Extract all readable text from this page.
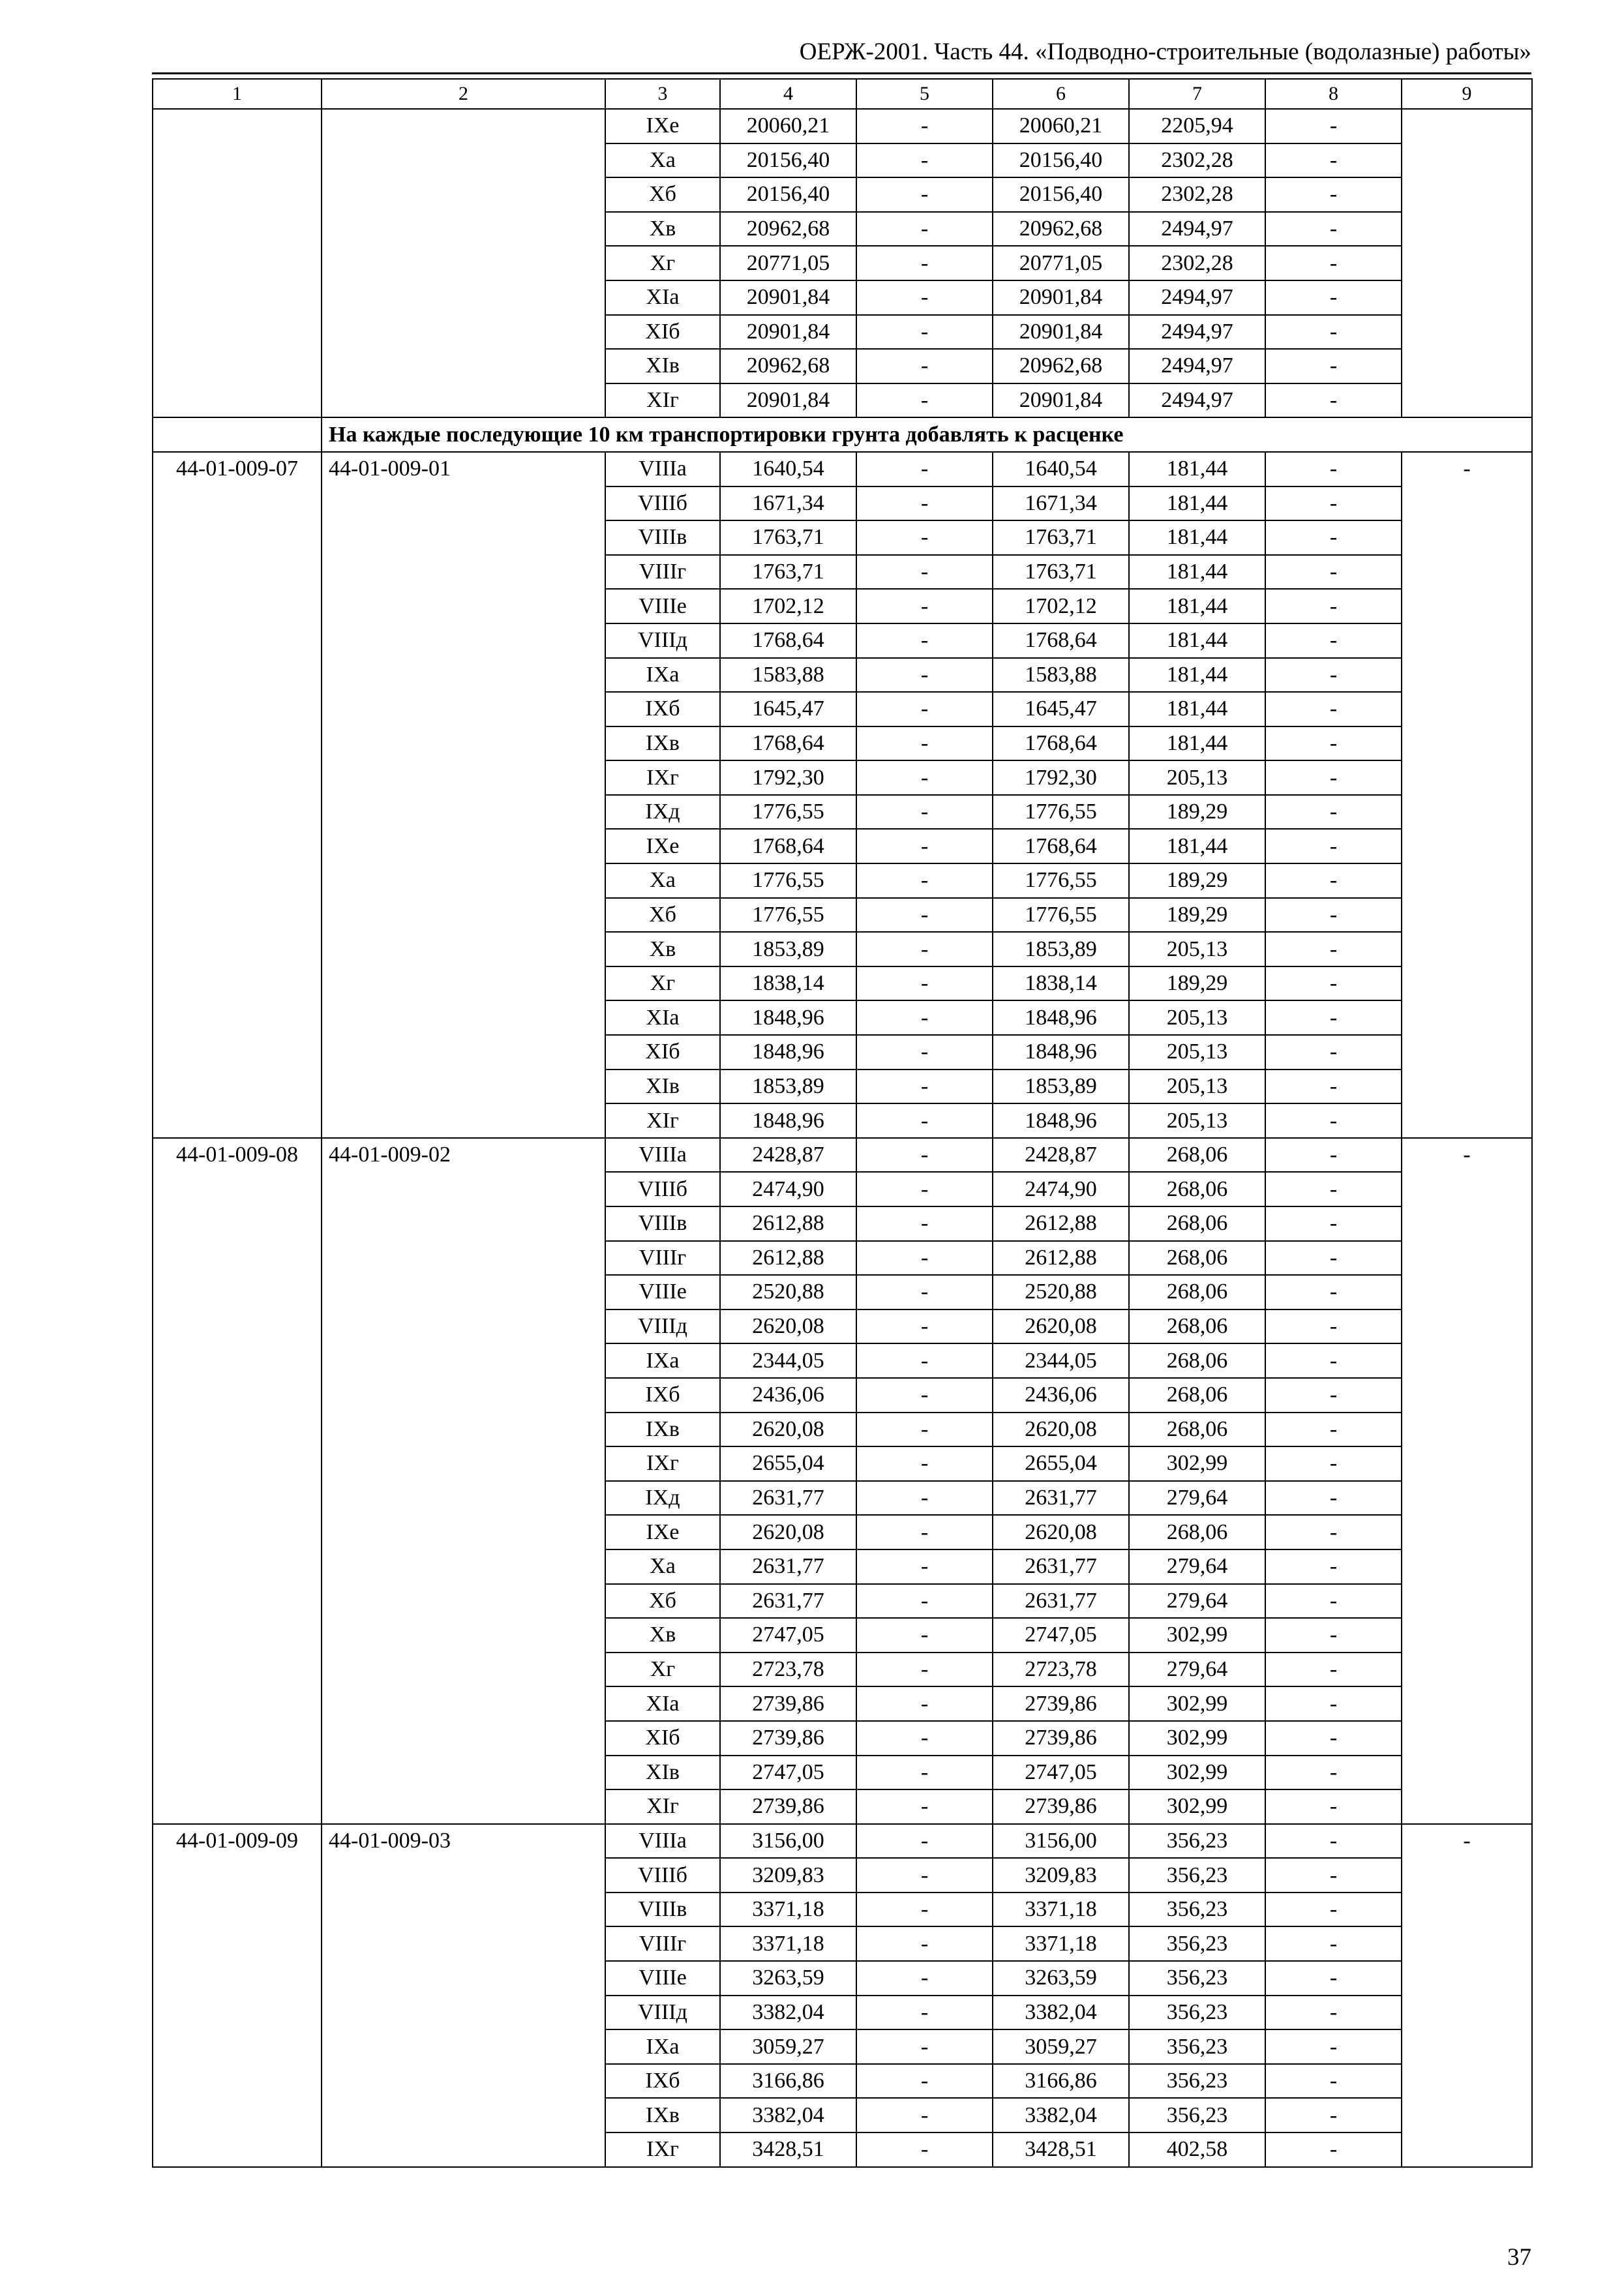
ОЕРЖ-2001. Часть 44. «Подводно-строительные (водолазные) работы»
1	2	3	4	5	6	7	8	9
		IXe	20060,21	-	20060,21	2205,94	-	
		Xa	20156,40	-	20156,40	2302,28	-	
		Xб	20156,40	-	20156,40	2302,28	-	
		Xв	20962,68	-	20962,68	2494,97	-	
		Xг	20771,05	-	20771,05	2302,28	-	
		XIa	20901,84	-	20901,84	2494,97	-	
		XIб	20901,84	-	20901,84	2494,97	-	
		XIв	20962,68	-	20962,68	2494,97	-	
		XIг	20901,84	-	20901,84	2494,97	-	
	На каждые последующие 10 км транспортировки грунта добавлять к расценке							
44-01-009-07	44-01-009-01	VIIIa	1640,54	-	1640,54	181,44	-	-
		VIIIб	1671,34	-	1671,34	181,44	-	
		VIIIв	1763,71	-	1763,71	181,44	-	
		VIIIг	1763,71	-	1763,71	181,44	-	
		VIIIe	1702,12	-	1702,12	181,44	-	
		VIIIд	1768,64	-	1768,64	181,44	-	
		IXa	1583,88	-	1583,88	181,44	-	
		IXб	1645,47	-	1645,47	181,44	-	
		IXв	1768,64	-	1768,64	181,44	-	
		IXг	1792,30	-	1792,30	205,13	-	
		IXд	1776,55	-	1776,55	189,29	-	
		IXe	1768,64	-	1768,64	181,44	-	
		Xa	1776,55	-	1776,55	189,29	-	
		Xб	1776,55	-	1776,55	189,29	-	
		Xв	1853,89	-	1853,89	205,13	-	
		Xг	1838,14	-	1838,14	189,29	-	
		XIa	1848,96	-	1848,96	205,13	-	
		XIб	1848,96	-	1848,96	205,13	-	
		XIв	1853,89	-	1853,89	205,13	-	
		XIг	1848,96	-	1848,96	205,13	-	
44-01-009-08	44-01-009-02	VIIIa	2428,87	-	2428,87	268,06	-	-
		VIIIб	2474,90	-	2474,90	268,06	-	
		VIIIв	2612,88	-	2612,88	268,06	-	
		VIIIг	2612,88	-	2612,88	268,06	-	
		VIIIe	2520,88	-	2520,88	268,06	-	
		VIIIд	2620,08	-	2620,08	268,06	-	
		IXa	2344,05	-	2344,05	268,06	-	
		IXб	2436,06	-	2436,06	268,06	-	
		IXв	2620,08	-	2620,08	268,06	-	
		IXг	2655,04	-	2655,04	302,99	-	
		IXд	2631,77	-	2631,77	279,64	-	
		IXe	2620,08	-	2620,08	268,06	-	
		Xa	2631,77	-	2631,77	279,64	-	
		Xб	2631,77	-	2631,77	279,64	-	
		Xв	2747,05	-	2747,05	302,99	-	
		Xг	2723,78	-	2723,78	279,64	-	
		XIa	2739,86	-	2739,86	302,99	-	
		XIб	2739,86	-	2739,86	302,99	-	
		XIв	2747,05	-	2747,05	302,99	-	
		XIг	2739,86	-	2739,86	302,99	-	
44-01-009-09	44-01-009-03	VIIIa	3156,00	-	3156,00	356,23	-	-
		VIIIб	3209,83	-	3209,83	356,23	-	
		VIIIв	3371,18	-	3371,18	356,23	-	
		VIIIг	3371,18	-	3371,18	356,23	-	
		VIIIe	3263,59	-	3263,59	356,23	-	
		VIIIд	3382,04	-	3382,04	356,23	-	
		IXa	3059,27	-	3059,27	356,23	-	
		IXб	3166,86	-	3166,86	356,23	-	
		IXв	3382,04	-	3382,04	356,23	-	
		IXг	3428,51	-	3428,51	402,58	-	
37
